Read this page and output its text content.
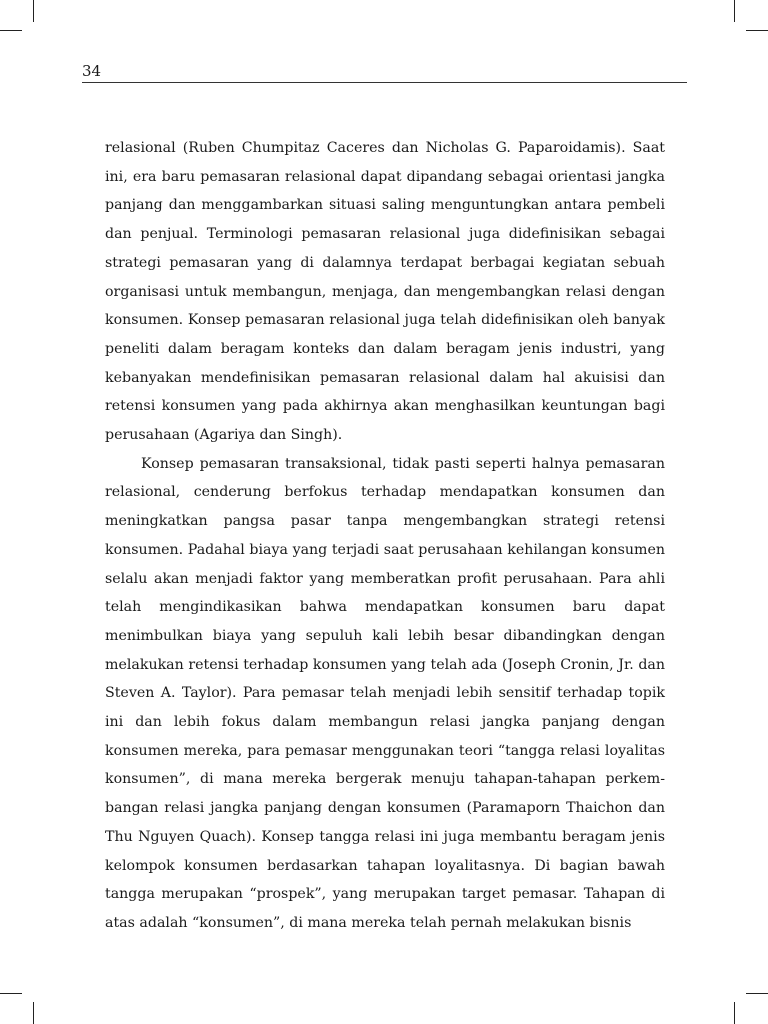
34

relasional (Ruben Chumpitaz Caceres dan Nicholas G. Paparoidamis). Saat ini, era baru pemasaran relasional dapat dipandang sebagai orientasi jangka panjang dan menggambarkan situasi saling menguntungkan antara pembeli dan penjual. Terminologi pemasaran relasional juga didefinisikan sebagai strategi pemasaran yang di dalamnya terdapat berbagai kegiatan sebuah organisasi untuk membangun, menjaga, dan mengembangkan relasi dengan konsumen. Konsep pemasaran relasional juga telah didefinisikan oleh banyak peneliti dalam beragam konteks dan dalam beragam jenis industri, yang kebanyakan mendefinisikan pemasaran relasional dalam hal akuisisi dan retensi konsumen yang pada akhirnya akan menghasilkan keuntungan bagi perusahaan (Agariya dan Singh).

Konsep pemasaran transaksional, tidak pasti seperti halnya pemasaran relasional, cenderung berfokus terhadap mendapatkan konsumen dan meningkatkan pangsa pasar tanpa mengembangkan strategi retensi konsumen. Padahal biaya yang terjadi saat perusahaan kehilangan konsumen selalu akan menjadi faktor yang memberatkan profit perusahaan. Para ahli telah mengindikasikan bahwa mendapatkan konsumen baru dapat menimbulkan biaya yang sepuluh kali lebih besar dibandingkan dengan melakukan retensi terhadap konsumen yang telah ada (Joseph Cronin, Jr. dan Steven A. Taylor). Para pemasar telah menjadi lebih sensitif terhadap topik ini dan lebih fokus dalam membangun relasi jangka panjang dengan konsumen mereka, para pemasar menggunakan teori “tangga relasi loyalitas konsumen”, di mana mereka bergerak menuju tahapan-tahapan perkem-bangan relasi jangka panjang dengan konsumen (Paramaporn Thaichon dan Thu Nguyen Quach). Konsep tangga relasi ini juga membantu beragam jenis kelompok konsumen berdasarkan tahapan loyalitasnya. Di bagian bawah tangga merupakan “prospek”, yang merupakan target pemasar. Tahapan di atas adalah “konsumen”, di mana mereka telah pernah melakukan bisnis
